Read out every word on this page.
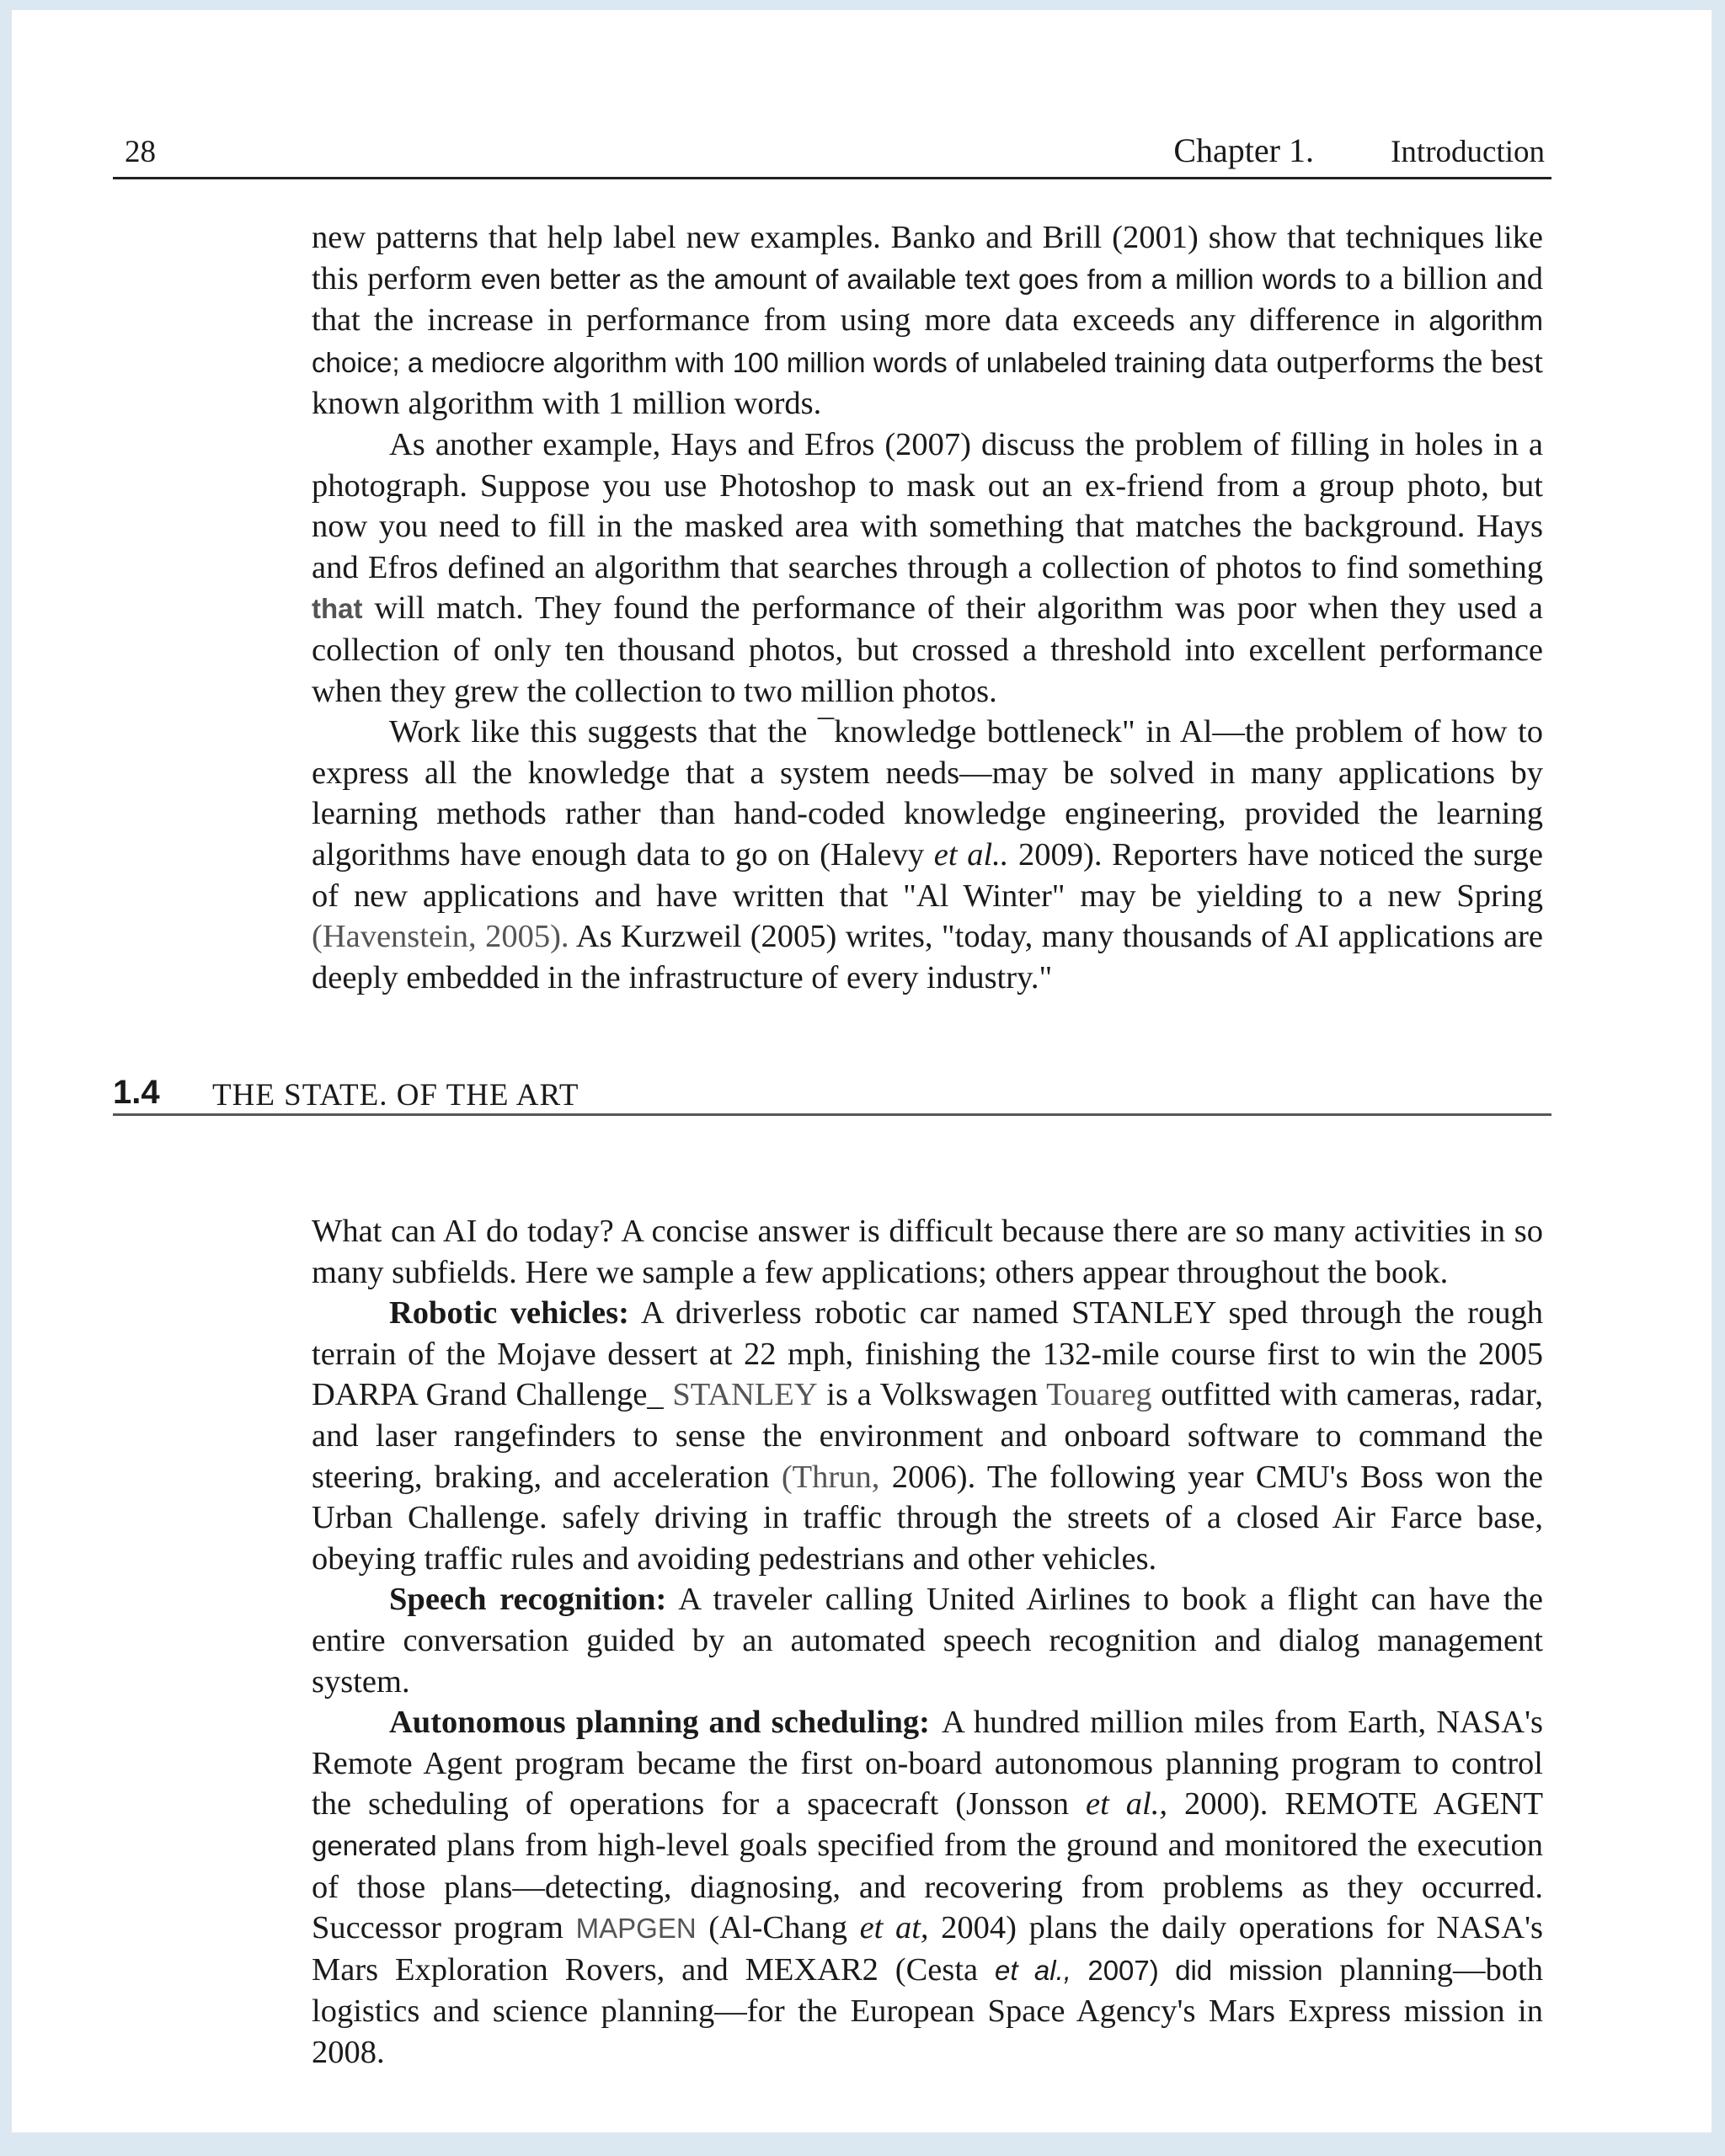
28	Chapter 1. Introduction

new patterns that help label new examples. Banko and Brill (2001) show that techniques like this perform even better as the amount of available text goes from a million words to a billion and that the increase in performance from using more data exceeds any difference in algorithm choice; a mediocre algorithm with 100 million words of unlabeled training data outperforms the best known algorithm with 1 million words.

As another example, Hays and Efros (2007) discuss the problem of filling in holes in a photograph. Suppose you use Photoshop to mask out an ex-friend from a group photo, but now you need to fill in the masked area with something that matches the background. Hays and Efros defined an algorithm that searches through a collection of photos to find something that will match. They found the performance of their algorithm was poor when they used a collection of only ten thousand photos, but crossed a threshold into excellent performance when they grew the collection to two million photos.

Work like this suggests that the ¯knowledge bottleneck" in Al—the problem of how to express all the knowledge that a system needs—may be solved in many applications by learning methods rather than hand-coded knowledge engineering, provided the learning algorithms have enough data to go on (Halevy et al.. 2009). Reporters have noticed the surge of new applications and have written that "Al Winter" may be yielding to a new Spring (Havenstein, 2005). As Kurzweil (2005) writes, "today, many thousands of AI applications are deeply embedded in the infrastructure of every industry."

1.4 THE STATE. OF THE ART

What can AI do today? A concise answer is difficult because there are so many activities in so many subfields. Here we sample a few applications; others appear throughout the book.

Robotic vehicles: A driverless robotic car named STANLEY sped through the rough terrain of the Mojave dessert at 22 mph, finishing the 132-mile course first to win the 2005 DARPA Grand Challenge_ STANLEY is a Volkswagen Touareg outfitted with cameras, radar, and laser rangefinders to sense the environment and onboard software to command the steering, braking, and acceleration (Thrun, 2006). The following year CMU's Boss won the Urban Challenge. safely driving in traffic through the streets of a closed Air Farce base, obeying traffic rules and avoiding pedestrians and other vehicles.

Speech recognition: A traveler calling United Airlines to book a flight can have the entire conversation guided by an automated speech recognition and dialog management system.

Autonomous planning and scheduling: A hundred million miles from Earth, NASA's Remote Agent program became the first on-board autonomous planning program to control the scheduling of operations for a spacecraft (Jonsson et al., 2000). REMOTE AGENT generated plans from high-level goals specified from the ground and monitored the execution of those plans—detecting, diagnosing, and recovering from problems as they occurred. Successor program MAPGEN (Al-Chang et at, 2004) plans the daily operations for NASA's Mars Exploration Rovers, and MEXAR2 (Cesta et al., 2007) did mission planning—both logistics and science planning—for the European Space Agency's Mars Express mission in 2008.
